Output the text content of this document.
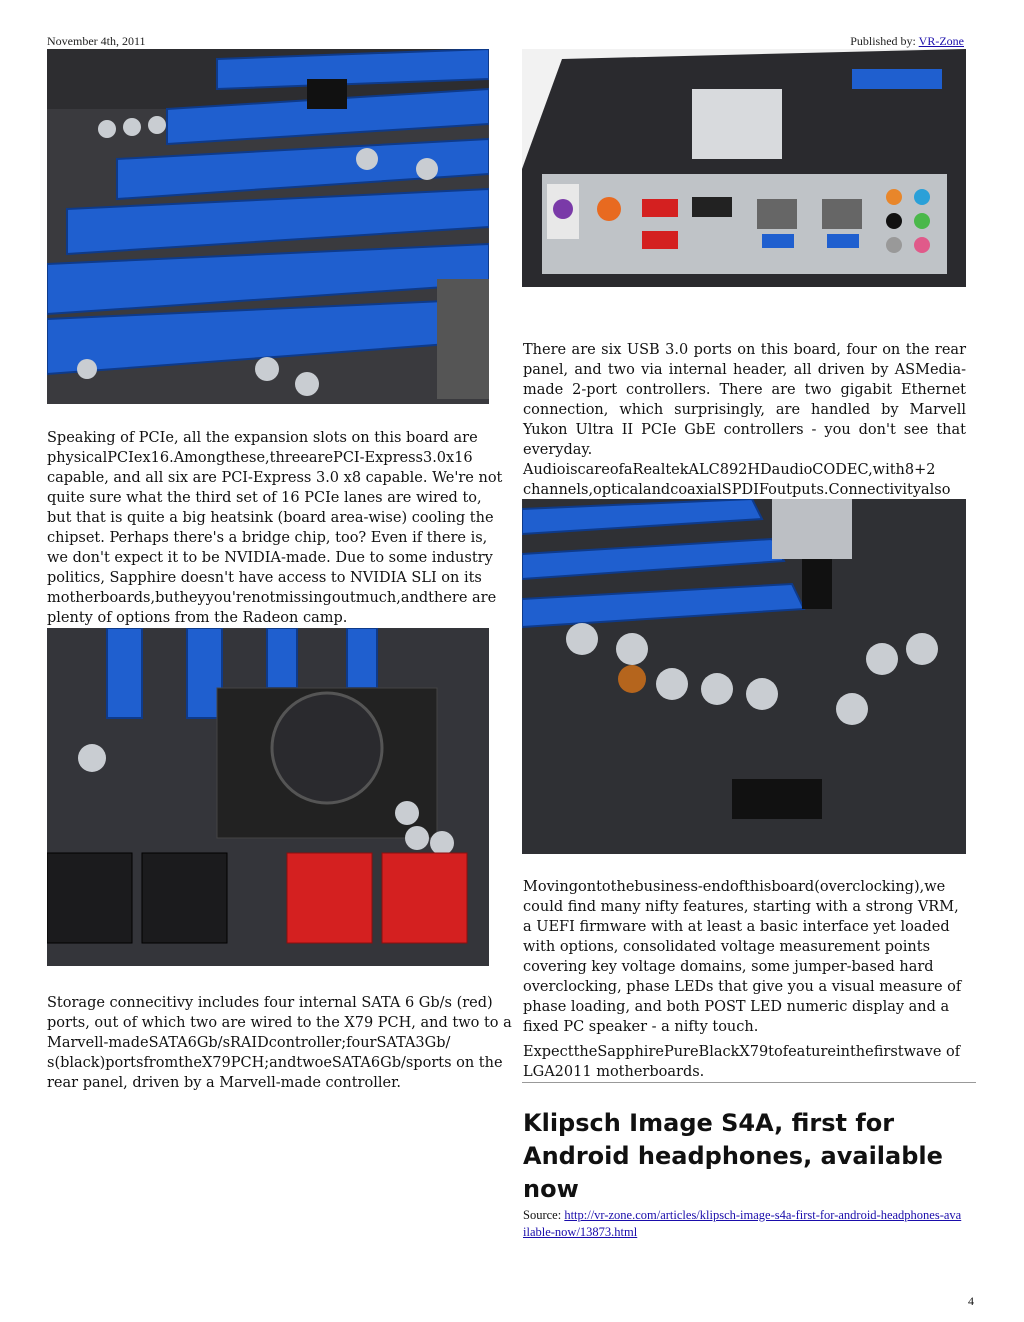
November 4th, 2011	Published by: VR-Zone
There are six USB 3.0 ports on this board, four on the rear panel, and two via internal header, all driven by ASMedia-made 2-port controllers. There are two gigabit Ethernet connection, which surprisingly, are handled by Marvell Yukon Ultra II PCIe GbE controllers - you don't see that everyday. AudioiscareofaRealtekALC892HDaudioCODEC,with8+2 channels,opticalandcoaxialSPDIFoutputs.Connectivityalso
Speaking of PCIe, all the expansion slots on this board are physicalPCIex16.Amongthese,threearePCI-Express3.0x16 capable, and all six are PCI-Express 3.0 x8 capable. We're not quite sure what the third set of 16 PCIe lanes are wired to, but that is quite a big heatsink (board area-wise) cooling the chipset. Perhaps there's a bridge chip, too? Even if there is, we don't expect it to be NVIDIA-made. Due to some industry politics, Sapphire doesn't have access to NVIDIA SLI on its motherboards,butheyyou'renotmissingoutmuch,andthere are plenty of options from the Radeon camp.
Movingontothebusiness-endofthisboard(overclocking),we could find many nifty features, starting with a strong VRM, a UEFI firmware with at least a basic interface yet loaded with options, consolidated voltage measurement points covering key voltage domains, some jumper-based hard overclocking, phase LEDs that give you a visual measure of phase loading, and both POST LED numeric display and a fixed PC speaker - a nifty touch.
Storage connecitivy includes four internal SATA 6 Gb/s (red) ports, out of which two are wired to the X79 PCH, and two to a Marvell-madeSATA6Gb/sRAIDcontroller;fourSATA3Gb/ s(black)portsfromtheX79PCH;andtwoeSATA6Gb/sports on the rear panel, driven by a Marvell-made controller.
ExpecttheSapphirePureBlackX79tofeatureinthefirstwave of LGA2011 motherboards.
Klipsch Image S4A, first for Android headphones, available now
Source: http://vr-zone.com/articles/klipsch-image-s4a-first-for-android-headphones-available-now/13873.html
4
